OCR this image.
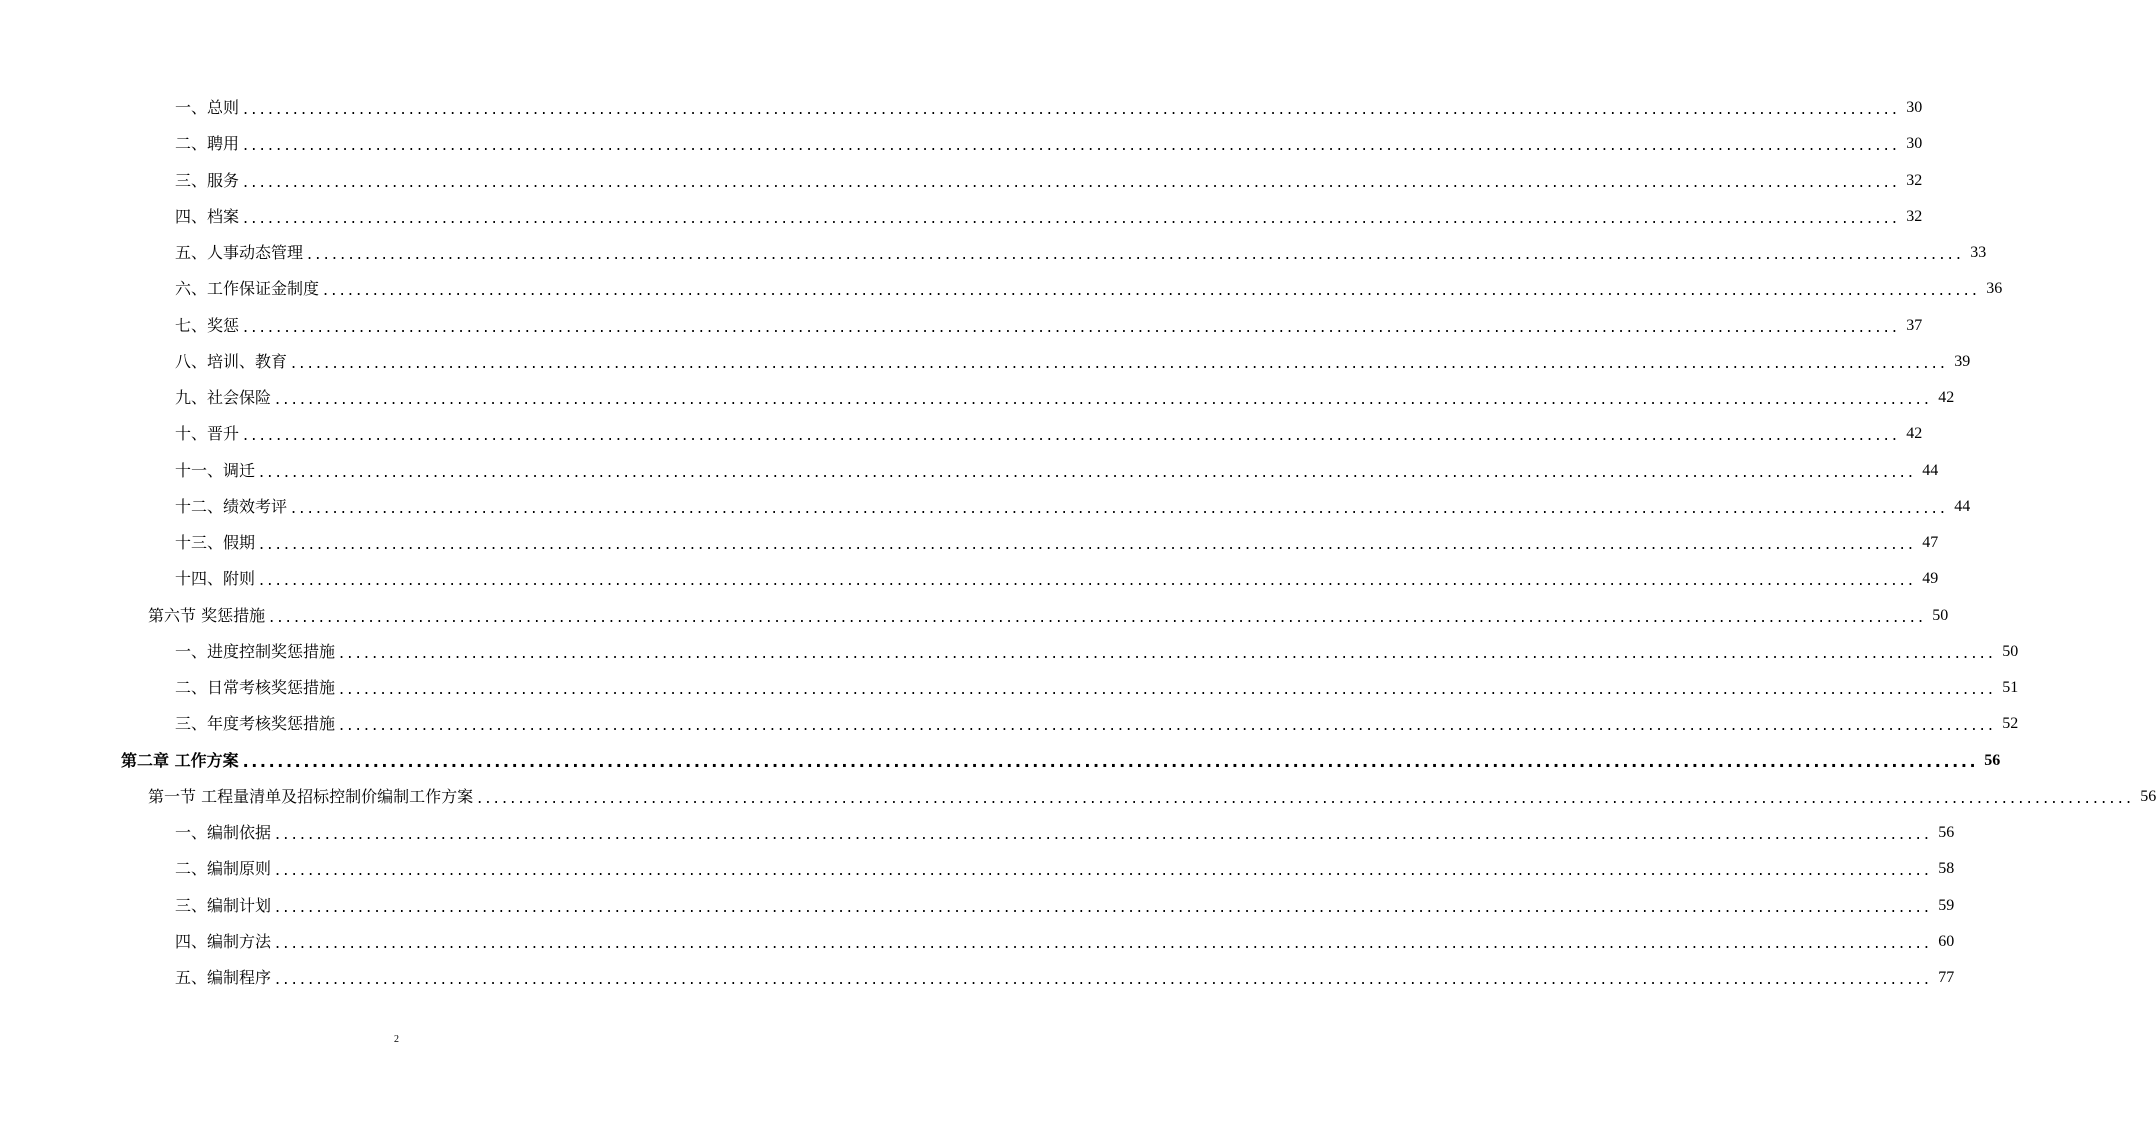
一、总则 ........................................................................................................................................................................................................ 30
二、聘用 ........................................................................................................................................................................................................ 30
三、服务 ........................................................................................................................................................................................................ 32
四、档案 ........................................................................................................................................................................................................ 32
五、人事动态管理 ........................................................................................................................................................................................................ 33
六、工作保证金制度 ........................................................................................................................................................................................................ 36
七、奖惩 ........................................................................................................................................................................................................ 37
八、培训、教育 ........................................................................................................................................................................................................ 39
九、社会保险 ........................................................................................................................................................................................................ 42
十、晋升 ........................................................................................................................................................................................................ 42
十一、调迁 ........................................................................................................................................................................................................ 44
十二、绩效考评 ........................................................................................................................................................................................................ 44
十三、假期 ........................................................................................................................................................................................................ 47
十四、附则 ........................................................................................................................................................................................................ 49
第六节 奖惩措施 ........................................................................................................................................................................................................ 50
一、进度控制奖惩措施 ........................................................................................................................................................................................................ 50
二、日常考核奖惩措施 ........................................................................................................................................................................................................ 51
三、年度考核奖惩措施 ........................................................................................................................................................................................................ 52
第二章 工作方案 ........................................................................................................................................................................................................ 56
第一节 工程量清单及招标控制价编制工作方案 ........................................................................................................................................................................................................ 56
一、编制依据 ........................................................................................................................................................................................................ 56
二、编制原则 ........................................................................................................................................................................................................ 58
三、编制计划 ........................................................................................................................................................................................................ 59
四、编制方法 ........................................................................................................................................................................................................ 60
五、编制程序 ........................................................................................................................................................................................................ 77
2
